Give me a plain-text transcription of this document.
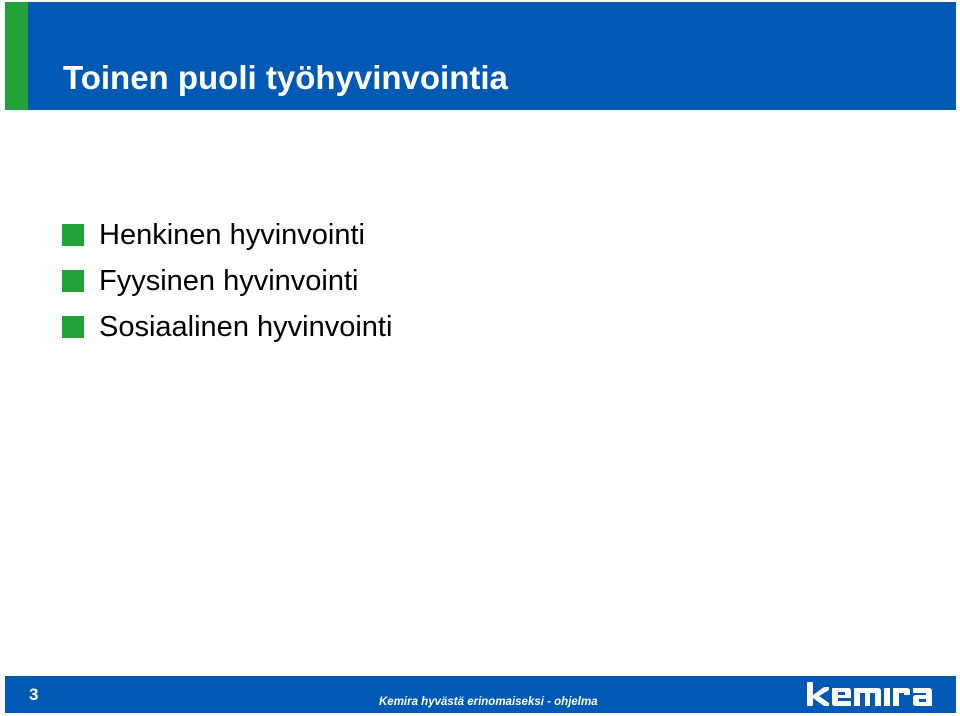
Toinen puoli työhyvinvointia
Henkinen hyvinvointi
Fyysinen hyvinvointi
Sosiaalinen hyvinvointi
3	Kemira hyvästä erinomaiseksi - ohjelma
